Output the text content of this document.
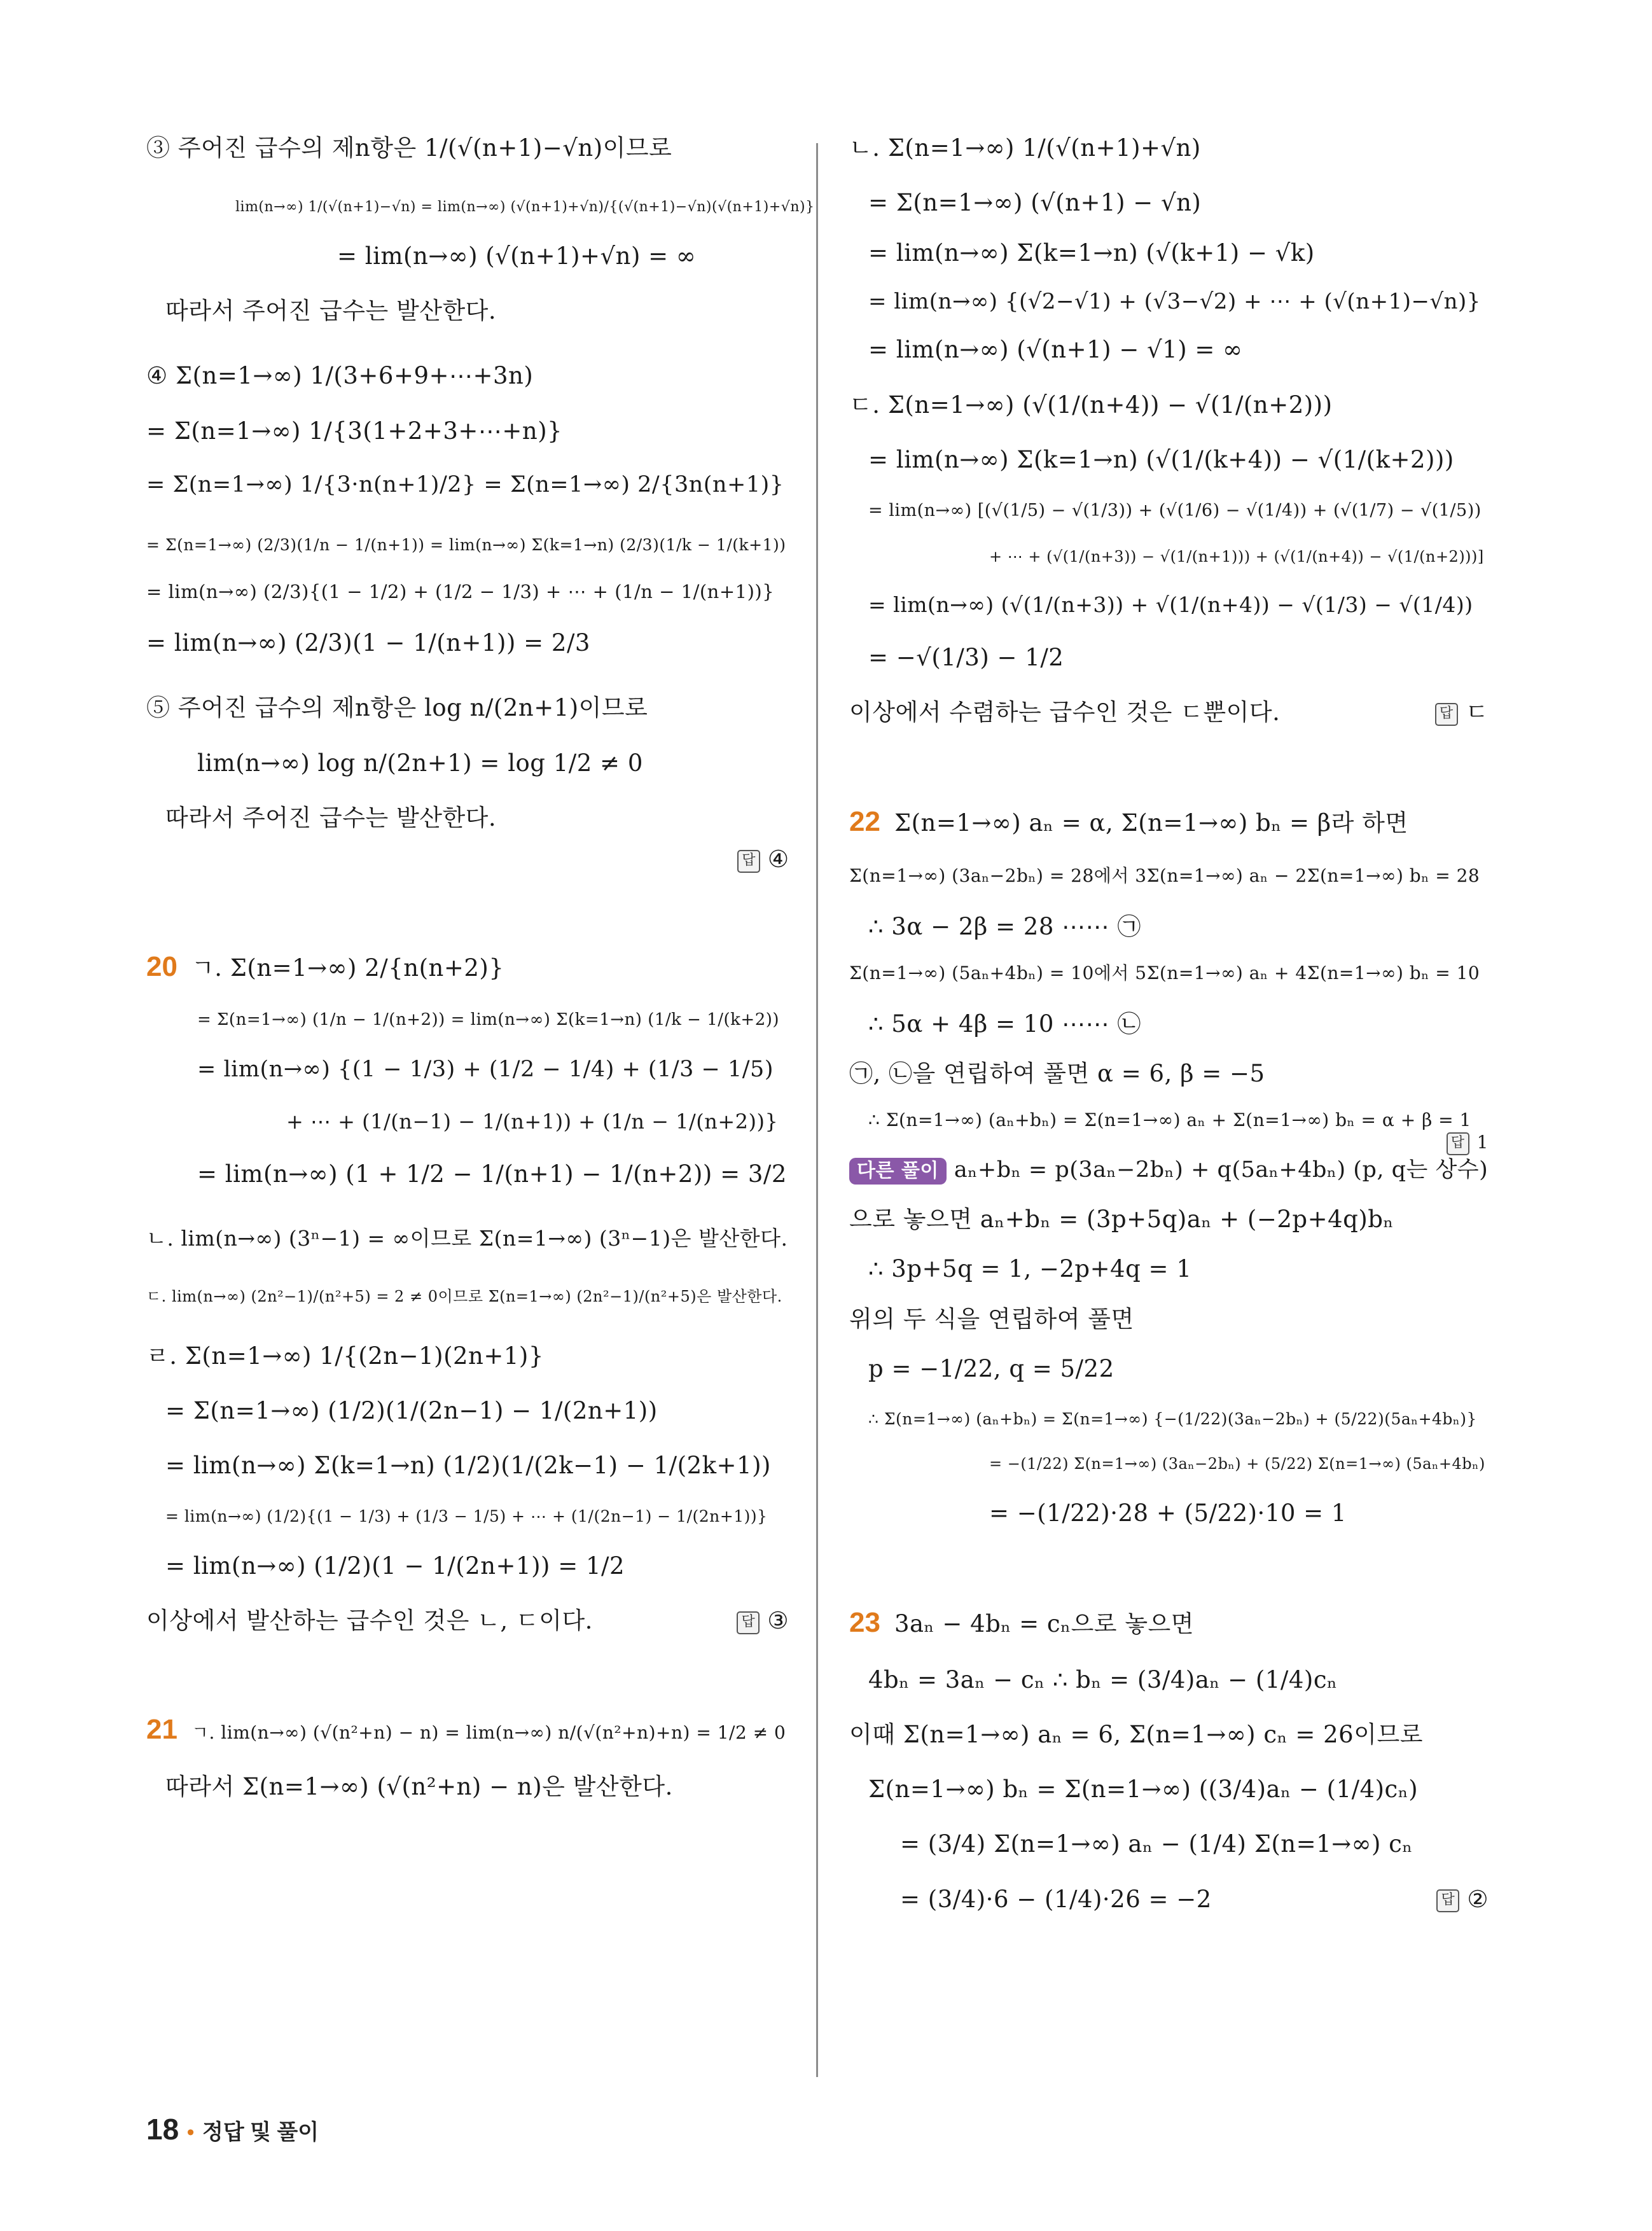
③ 주어진 급수의 제n항은 1/(√(n+1)−√n)이므로
lim(n→∞) 1/(√(n+1)−√n) = lim(n→∞) (√(n+1)+√n)/{(√(n+1)−√n)(√(n+1)+√n)}
= lim(n→∞) (√(n+1)+√n) = ∞
따라서 주어진 급수는 발산한다.
④ Σ(n=1→∞) 1/(3+6+9+⋯+3n)
= Σ(n=1→∞) 1/{3(1+2+3+⋯+n)}
= Σ(n=1→∞) 1/{3·n(n+1)/2} = Σ(n=1→∞) 2/{3n(n+1)}
= Σ(n=1→∞) (2/3)(1/n − 1/(n+1)) = lim(n→∞) Σ(k=1→n) (2/3)(1/k − 1/(k+1))
= lim(n→∞) (2/3){(1 − 1/2) + (1/2 − 1/3) + ⋯ + (1/n − 1/(n+1))}
= lim(n→∞) (2/3)(1 − 1/(n+1)) = 2/3
⑤ 주어진 급수의 제n항은 log n/(2n+1)이므로
lim(n→∞) log n/(2n+1) = log 1/2 ≠ 0
따라서 주어진 급수는 발산한다.
답 ④
20 ㄱ. Σ(n=1→∞) 2/{n(n+2)}
= Σ(n=1→∞) (1/n − 1/(n+2)) = lim(n→∞) Σ(k=1→n) (1/k − 1/(k+2))
= lim(n→∞) {(1 − 1/3) + (1/2 − 1/4) + (1/3 − 1/5)
+ ⋯ + (1/(n−1) − 1/(n+1)) + (1/n − 1/(n+2))}
= lim(n→∞) (1 + 1/2 − 1/(n+1) − 1/(n+2)) = 3/2
ㄴ. lim(n→∞) (3ⁿ−1) = ∞이므로 Σ(n=1→∞) (3ⁿ−1)은 발산한다.
ㄷ. lim(n→∞) (2n²−1)/(n²+5) = 2 ≠ 0이므로 Σ(n=1→∞) (2n²−1)/(n²+5)은 발산한다.
ㄹ. Σ(n=1→∞) 1/{(2n−1)(2n+1)}
= Σ(n=1→∞) (1/2)(1/(2n−1) − 1/(2n+1))
= lim(n→∞) Σ(k=1→n) (1/2)(1/(2k−1) − 1/(2k+1))
= lim(n→∞) (1/2){(1 − 1/3) + (1/3 − 1/5) + ⋯ + (1/(2n−1) − 1/(2n+1))}
= lim(n→∞) (1/2)(1 − 1/(2n+1)) = 1/2
이상에서 발산하는 급수인 것은 ㄴ, ㄷ이다.	답 ③
21 ㄱ. lim(n→∞) (√(n²+n) − n) = lim(n→∞) n/(√(n²+n)+n) = 1/2 ≠ 0
따라서 Σ(n=1→∞) (√(n²+n) − n)은 발산한다.
ㄴ. Σ(n=1→∞) 1/(√(n+1)+√n)
= Σ(n=1→∞) (√(n+1) − √n)
= lim(n→∞) Σ(k=1→n) (√(k+1) − √k)
= lim(n→∞) {(√2−√1) + (√3−√2) + ⋯ + (√(n+1)−√n)}
= lim(n→∞) (√(n+1) − √1) = ∞
ㄷ. Σ(n=1→∞) (√(1/(n+4)) − √(1/(n+2)))
= lim(n→∞) Σ(k=1→n) (√(1/(k+4)) − √(1/(k+2)))
= lim(n→∞) [(√(1/5) − √(1/3)) + (√(1/6) − √(1/4)) + (√(1/7) − √(1/5))
+ ⋯ + (√(1/(n+3)) − √(1/(n+1))) + (√(1/(n+4)) − √(1/(n+2)))]
= lim(n→∞) (√(1/(n+3)) + √(1/(n+4)) − √(1/3) − √(1/4))
= −√(1/3) − 1/2
이상에서 수렴하는 급수인 것은 ㄷ뿐이다.	답 ㄷ
22 Σ(n=1→∞) aₙ = α, Σ(n=1→∞) bₙ = β라 하면
Σ(n=1→∞) (3aₙ−2bₙ) = 28에서 3Σ(n=1→∞) aₙ − 2Σ(n=1→∞) bₙ = 28
∴ 3α − 2β = 28 ⋯⋯ ㉠
Σ(n=1→∞) (5aₙ+4bₙ) = 10에서 5Σ(n=1→∞) aₙ + 4Σ(n=1→∞) bₙ = 10
∴ 5α + 4β = 10 ⋯⋯ ㉡
㉠, ㉡을 연립하여 풀면 α = 6, β = −5
∴ Σ(n=1→∞) (aₙ+bₙ) = Σ(n=1→∞) aₙ + Σ(n=1→∞) bₙ = α + β = 1
답 1
다른 풀이 aₙ+bₙ = p(3aₙ−2bₙ) + q(5aₙ+4bₙ) (p, q는 상수)
으로 놓으면 aₙ+bₙ = (3p+5q)aₙ + (−2p+4q)bₙ
∴ 3p+5q = 1, −2p+4q = 1
위의 두 식을 연립하여 풀면
p = −1/22, q = 5/22
∴ Σ(n=1→∞) (aₙ+bₙ) = Σ(n=1→∞) {−(1/22)(3aₙ−2bₙ) + (5/22)(5aₙ+4bₙ)}
= −(1/22) Σ(n=1→∞) (3aₙ−2bₙ) + (5/22) Σ(n=1→∞) (5aₙ+4bₙ)
= −(1/22)·28 + (5/22)·10 = 1
23 3aₙ − 4bₙ = cₙ으로 놓으면
4bₙ = 3aₙ − cₙ ∴ bₙ = (3/4)aₙ − (1/4)cₙ
이때 Σ(n=1→∞) aₙ = 6, Σ(n=1→∞) cₙ = 26이므로
Σ(n=1→∞) bₙ = Σ(n=1→∞) ((3/4)aₙ − (1/4)cₙ)
= (3/4) Σ(n=1→∞) aₙ − (1/4) Σ(n=1→∞) cₙ
= (3/4)·6 − (1/4)·26 = −2	답 ②
18 • 정답 및 풀이
